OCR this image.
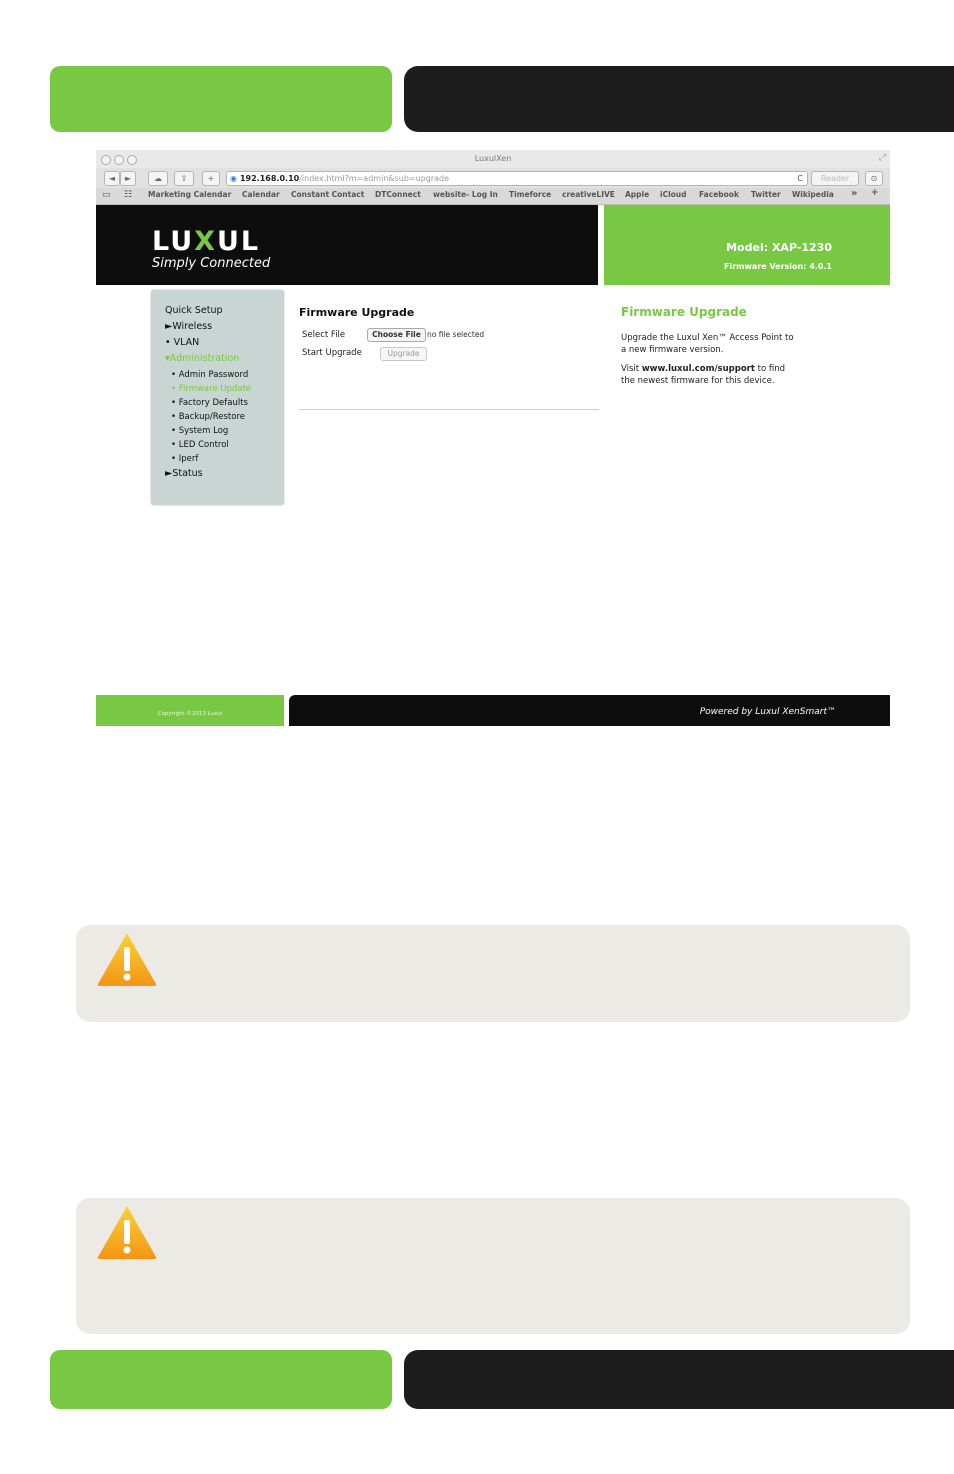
LuxulXen	⤢
◄	►	☁	⇪	+	◉ 192.168.0.10/index.html?m=admin&sub=upgrade	C	Reader	⊙
▭ ☷ Marketing Calendar Calendar Constant Contact DTConnect website- Log In Timeforce creativeLIVE Apple iCloud Facebook Twitter Wikipedia » +
LUXUL
Simply Connected
Model: XAP-1230
Firmware Version: 4.0.1
Quick Setup
►Wireless
• VLAN
▾Administration
• Admin Password
• Firmware Update
• Factory Defaults
• Backup/Restore
• System Log
• LED Control
• Iperf
►Status
Firmware Upgrade
Select File	Choose File no file selected
Start Upgrade	Upgrade
Firmware Upgrade
Upgrade the Luxul Xen™ Access Point to a new firmware version.
Visit www.luxul.com/support to find the newest firmware for this device.
Copyright ©2013 Luxul	Powered by Luxul XenSmart™
